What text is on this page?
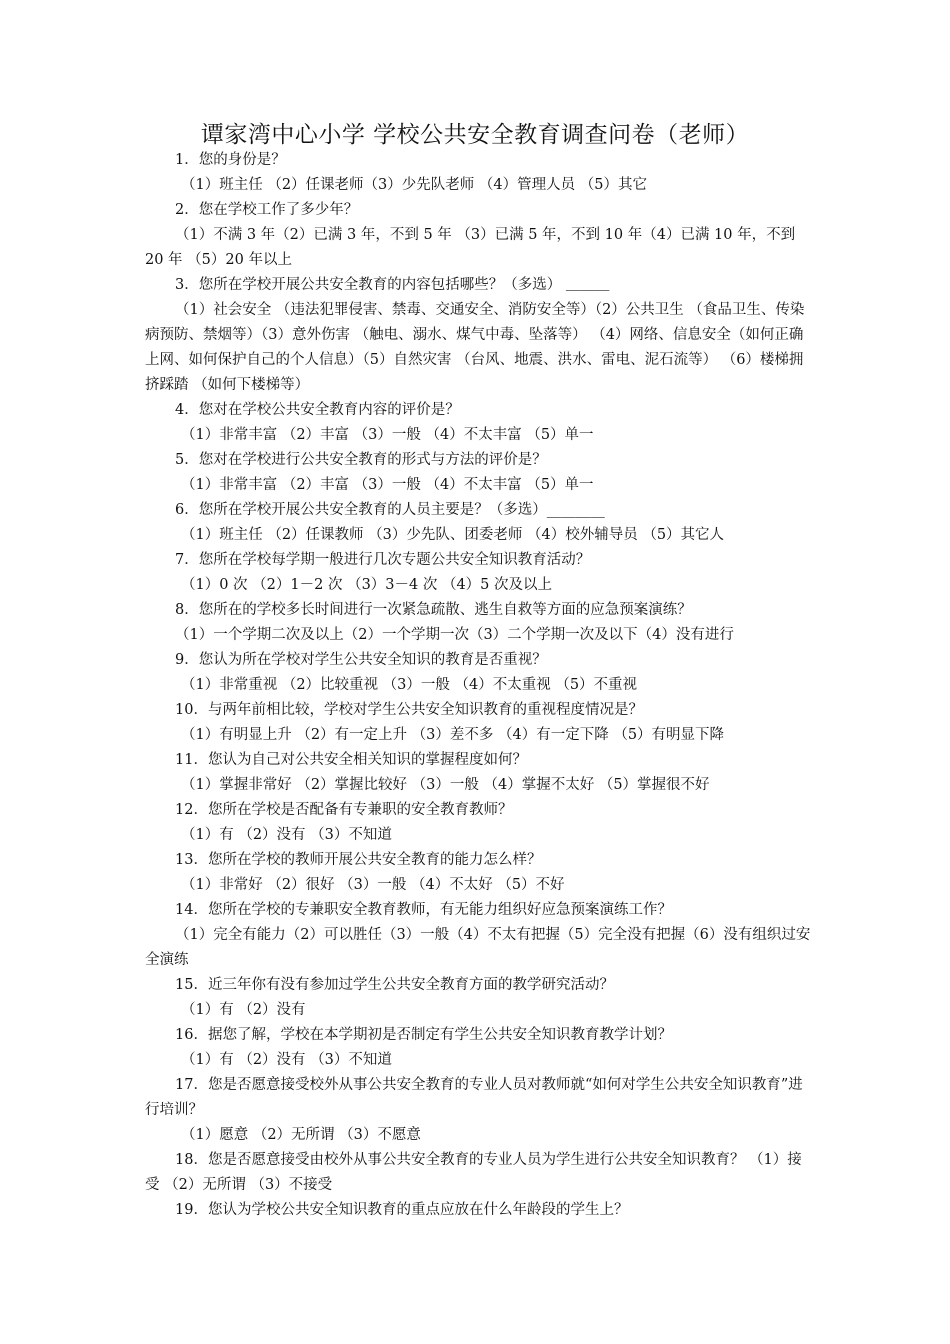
谭家湾中心小学 学校公共安全教育调查问卷（老师）
1．您的身份是？
（1）班主任 （2）任课老师（3）少先队老师 （4）管理人员 （5）其它
2．您在学校工作了多少年？
（1）不满 3 年（2）已满 3 年，不到 5 年 （3）已满 5 年，不到 10 年（4）已满 10 年，不到 20 年 （5）20 年以上
3．您所在学校开展公共安全教育的内容包括哪些？（多选） ＿＿＿
（1）社会安全 （违法犯罪侵害、禁毒、交通安全、消防安全等）（2）公共卫生 （食品卫生、传染病预防、禁烟等）（3）意外伤害 （触电、溺水、煤气中毒、坠落等） （4）网络、信息安全（如何正确上网、如何保护自己的个人信息）（5）自然灾害 （台风、地震、洪水、雷电、泥石流等） （6）楼梯拥挤踩踏 （如何下楼梯等）
4．您对在学校公共安全教育内容的评价是？
（1）非常丰富 （2）丰富 （3）一般 （4）不太丰富 （5）单一
5．您对在学校进行公共安全教育的形式与方法的评价是？
（1）非常丰富 （2）丰富 （3）一般 （4）不太丰富 （5）单一
6．您所在学校开展公共安全教育的人员主要是？（多选）________
（1）班主任 （2）任课教师 （3）少先队、团委老师 （4）校外辅导员 （5）其它人
7．您所在学校每学期一般进行几次专题公共安全知识教育活动？
（1）0 次 （2）1－2 次 （3）3－4 次 （4）5 次及以上
8．您所在的学校多长时间进行一次紧急疏散、逃生自救等方面的应急预案演练？
（1）一个学期二次及以上（2）一个学期一次（3）二个学期一次及以下（4）没有进行
9．您认为所在学校对学生公共安全知识的教育是否重视？
（1）非常重视 （2）比较重视 （3）一般 （4）不太重视 （5）不重视
10．与两年前相比较，学校对学生公共安全知识教育的重视程度情况是？
（1）有明显上升 （2）有一定上升 （3）差不多 （4）有一定下降 （5）有明显下降
11．您认为自己对公共安全相关知识的掌握程度如何？
（1）掌握非常好 （2）掌握比较好 （3）一般 （4）掌握不太好 （5）掌握很不好
12．您所在学校是否配备有专兼职的安全教育教师？
（1）有 （2）没有 （3）不知道
13．您所在学校的教师开展公共安全教育的能力怎么样？
（1）非常好 （2）很好 （3）一般 （4）不太好 （5）不好
14．您所在学校的专兼职安全教育教师，有无能力组织好应急预案演练工作？
（1）完全有能力（2）可以胜任（3）一般（4）不太有把握（5）完全没有把握（6）没有组织过安全演练
15．近三年你有没有参加过学生公共安全教育方面的教学研究活动？
（1）有 （2）没有
16．据您了解，学校在本学期初是否制定有学生公共安全知识教育教学计划？
（1）有 （2）没有 （3）不知道
17．您是否愿意接受校外从事公共安全教育的专业人员对教师就“如何对学生公共安全知识教育”进行培训？
（1）愿意 （2）无所谓 （3）不愿意
18．您是否愿意接受由校外从事公共安全教育的专业人员为学生进行公共安全知识教育？ （1）接受 （2）无所谓 （3）不接受
19．您认为学校公共安全知识教育的重点应放在什么年龄段的学生上？
